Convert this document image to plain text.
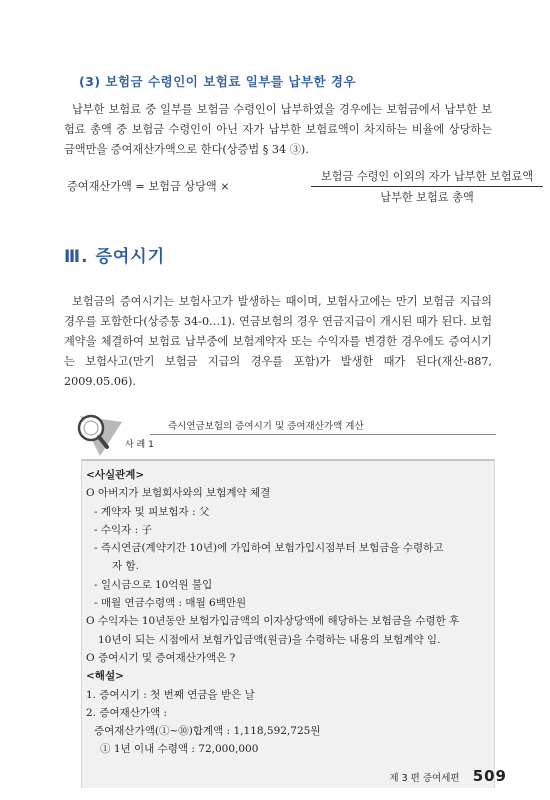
(3) 보험금 수령인이 보험료 일부를 납부한 경우
납부한 보험료 중 일부를 보험금 수령인이 납부하였을 경우에는 보험금에서 납부한 보험료 총액 중 보험금 수령인이 아닌 자가 납부한 보험료액이 차지하는 비율에 상당하는 금액만을 증여재산가액으로 한다(상증법 § 34 ③).
증여재산가액 = 보험금 상당액 ×
보험금 수령인 이외의 자가 납부한 보험료액
납부한 보험료 총액
Ⅲ. 증여시기
보험금의 증여시기는 보험사고가 발생하는 때이며, 보험사고에는 만기 보험금 지급의 경우를 포함한다(상증통 34-0…1). 연금보험의 경우 연금지급이 개시된 때가 된다. 보험계약을 체결하여 보험료 납부중에 보험계약자 또는 수익자를 변경한 경우에도 증여시기는 보험사고(만기 보험금 지급의 경우를 포함)가 발생한 때가 된다(재산-887, 2009.05.06).
즉시연금보험의 증여시기 및 증여재산가액 계산
사 례 1
<사실관계>
O 아버지가 보험회사와의 보험계약 체결
- 계약자 및 피보험자 : 父
- 수익자 : 子
- 즉시연금(계약기간 10년)에 가입하여 보험가입시점부터 보험금을 수령하고
자 함.
- 일시금으로 10억원 불입
- 매월 연금수령액 : 매월 6백만원
O 수익자는 10년동안 보험가입금액의 이자상당액에 해당하는 보험금을 수령한 후
10년이 되는 시점에서 보험가입금액(원금)을 수령하는 내용의 보험계약 임.
O 증여시기 및 증여재산가액은 ?
<해설>
1. 증여시기 : 첫 번째 연금을 받은 날
2. 증여재산가액 :
증여재산가액(①~⑩)합계액 : 1,118,592,725원
① 1년 이내 수령액 : 72,000,000
제 3 편 증여세편 509
